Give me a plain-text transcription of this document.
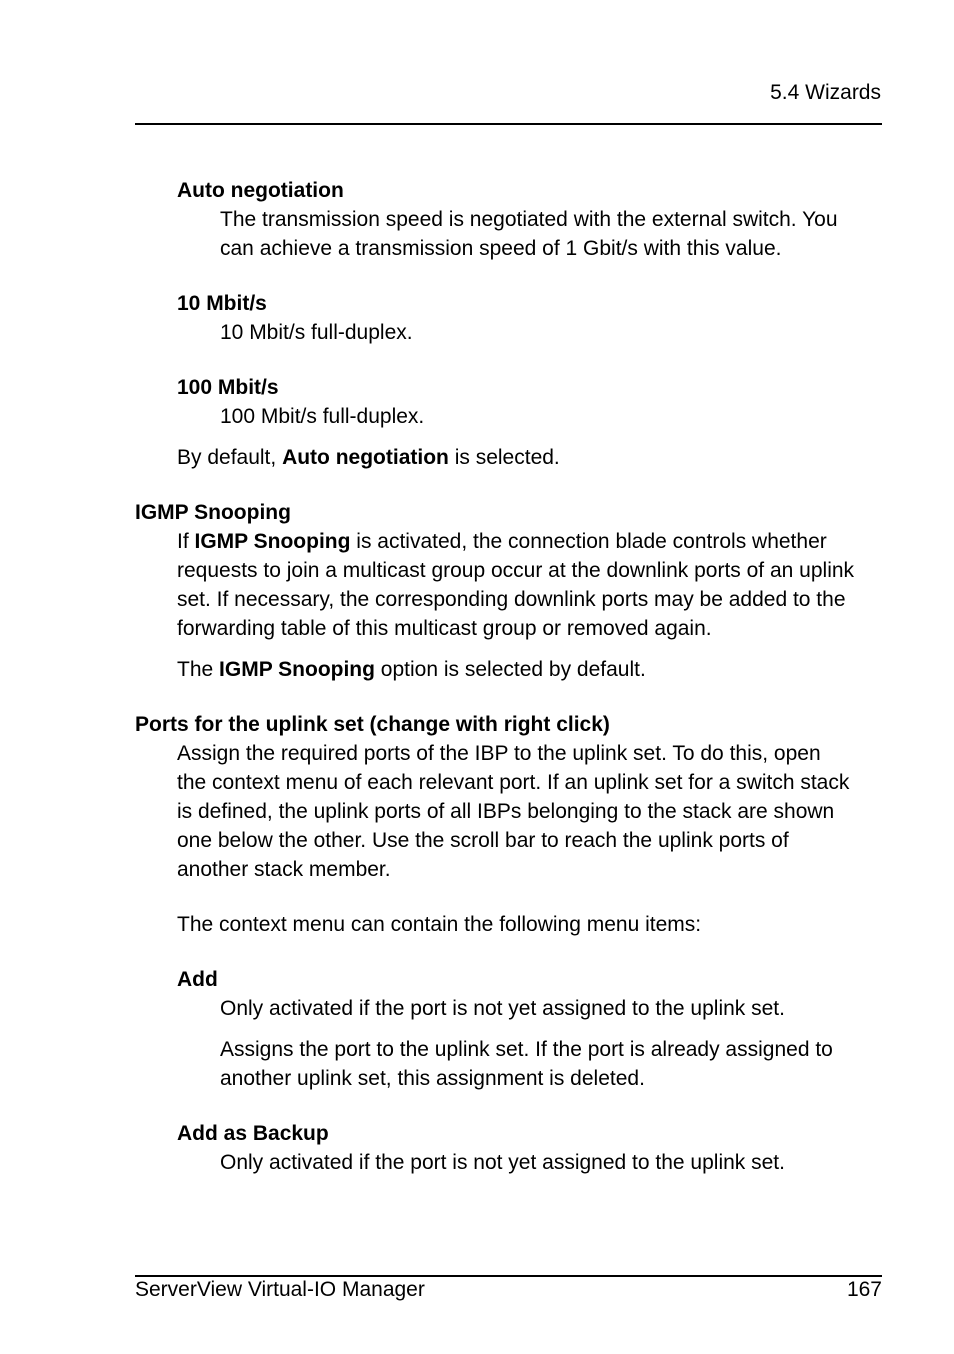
5.4 Wizards
Auto negotiation

The transmission speed is negotiated with the external switch. You

can achieve a transmission speed of 1 Gbit/s with this value.

10 Mbit/s

10 Mbit/s full-duplex.

100 Mbit/s

100 Mbit/s full-duplex.

By default, Auto negotiation is selected.

IGMP Snooping

If IGMP Snooping is activated, the connection blade controls whether

requests to join a multicast group occur at the downlink ports of an uplink

set. If necessary, the corresponding downlink ports may be added to the

forwarding table of this multicast group or removed again.

The IGMP Snooping option is selected by default.

Ports for the uplink set (change with right click)

Assign the required ports of the IBP to the uplink set. To do this, open

the context menu of each relevant port. If an uplink set for a switch stack

is defined, the uplink ports of all IBPs belonging to the stack are shown

one below the other. Use the scroll bar to reach the uplink ports of

another stack member.

The context menu can contain the following menu items:

Add

Only activated if the port is not yet assigned to the uplink set.

Assigns the port to the uplink set. If the port is already assigned to

another uplink set, this assignment is deleted.

Add as Backup

Only activated if the port is not yet assigned to the uplink set.

ServerView Virtual-IO Manager	167
